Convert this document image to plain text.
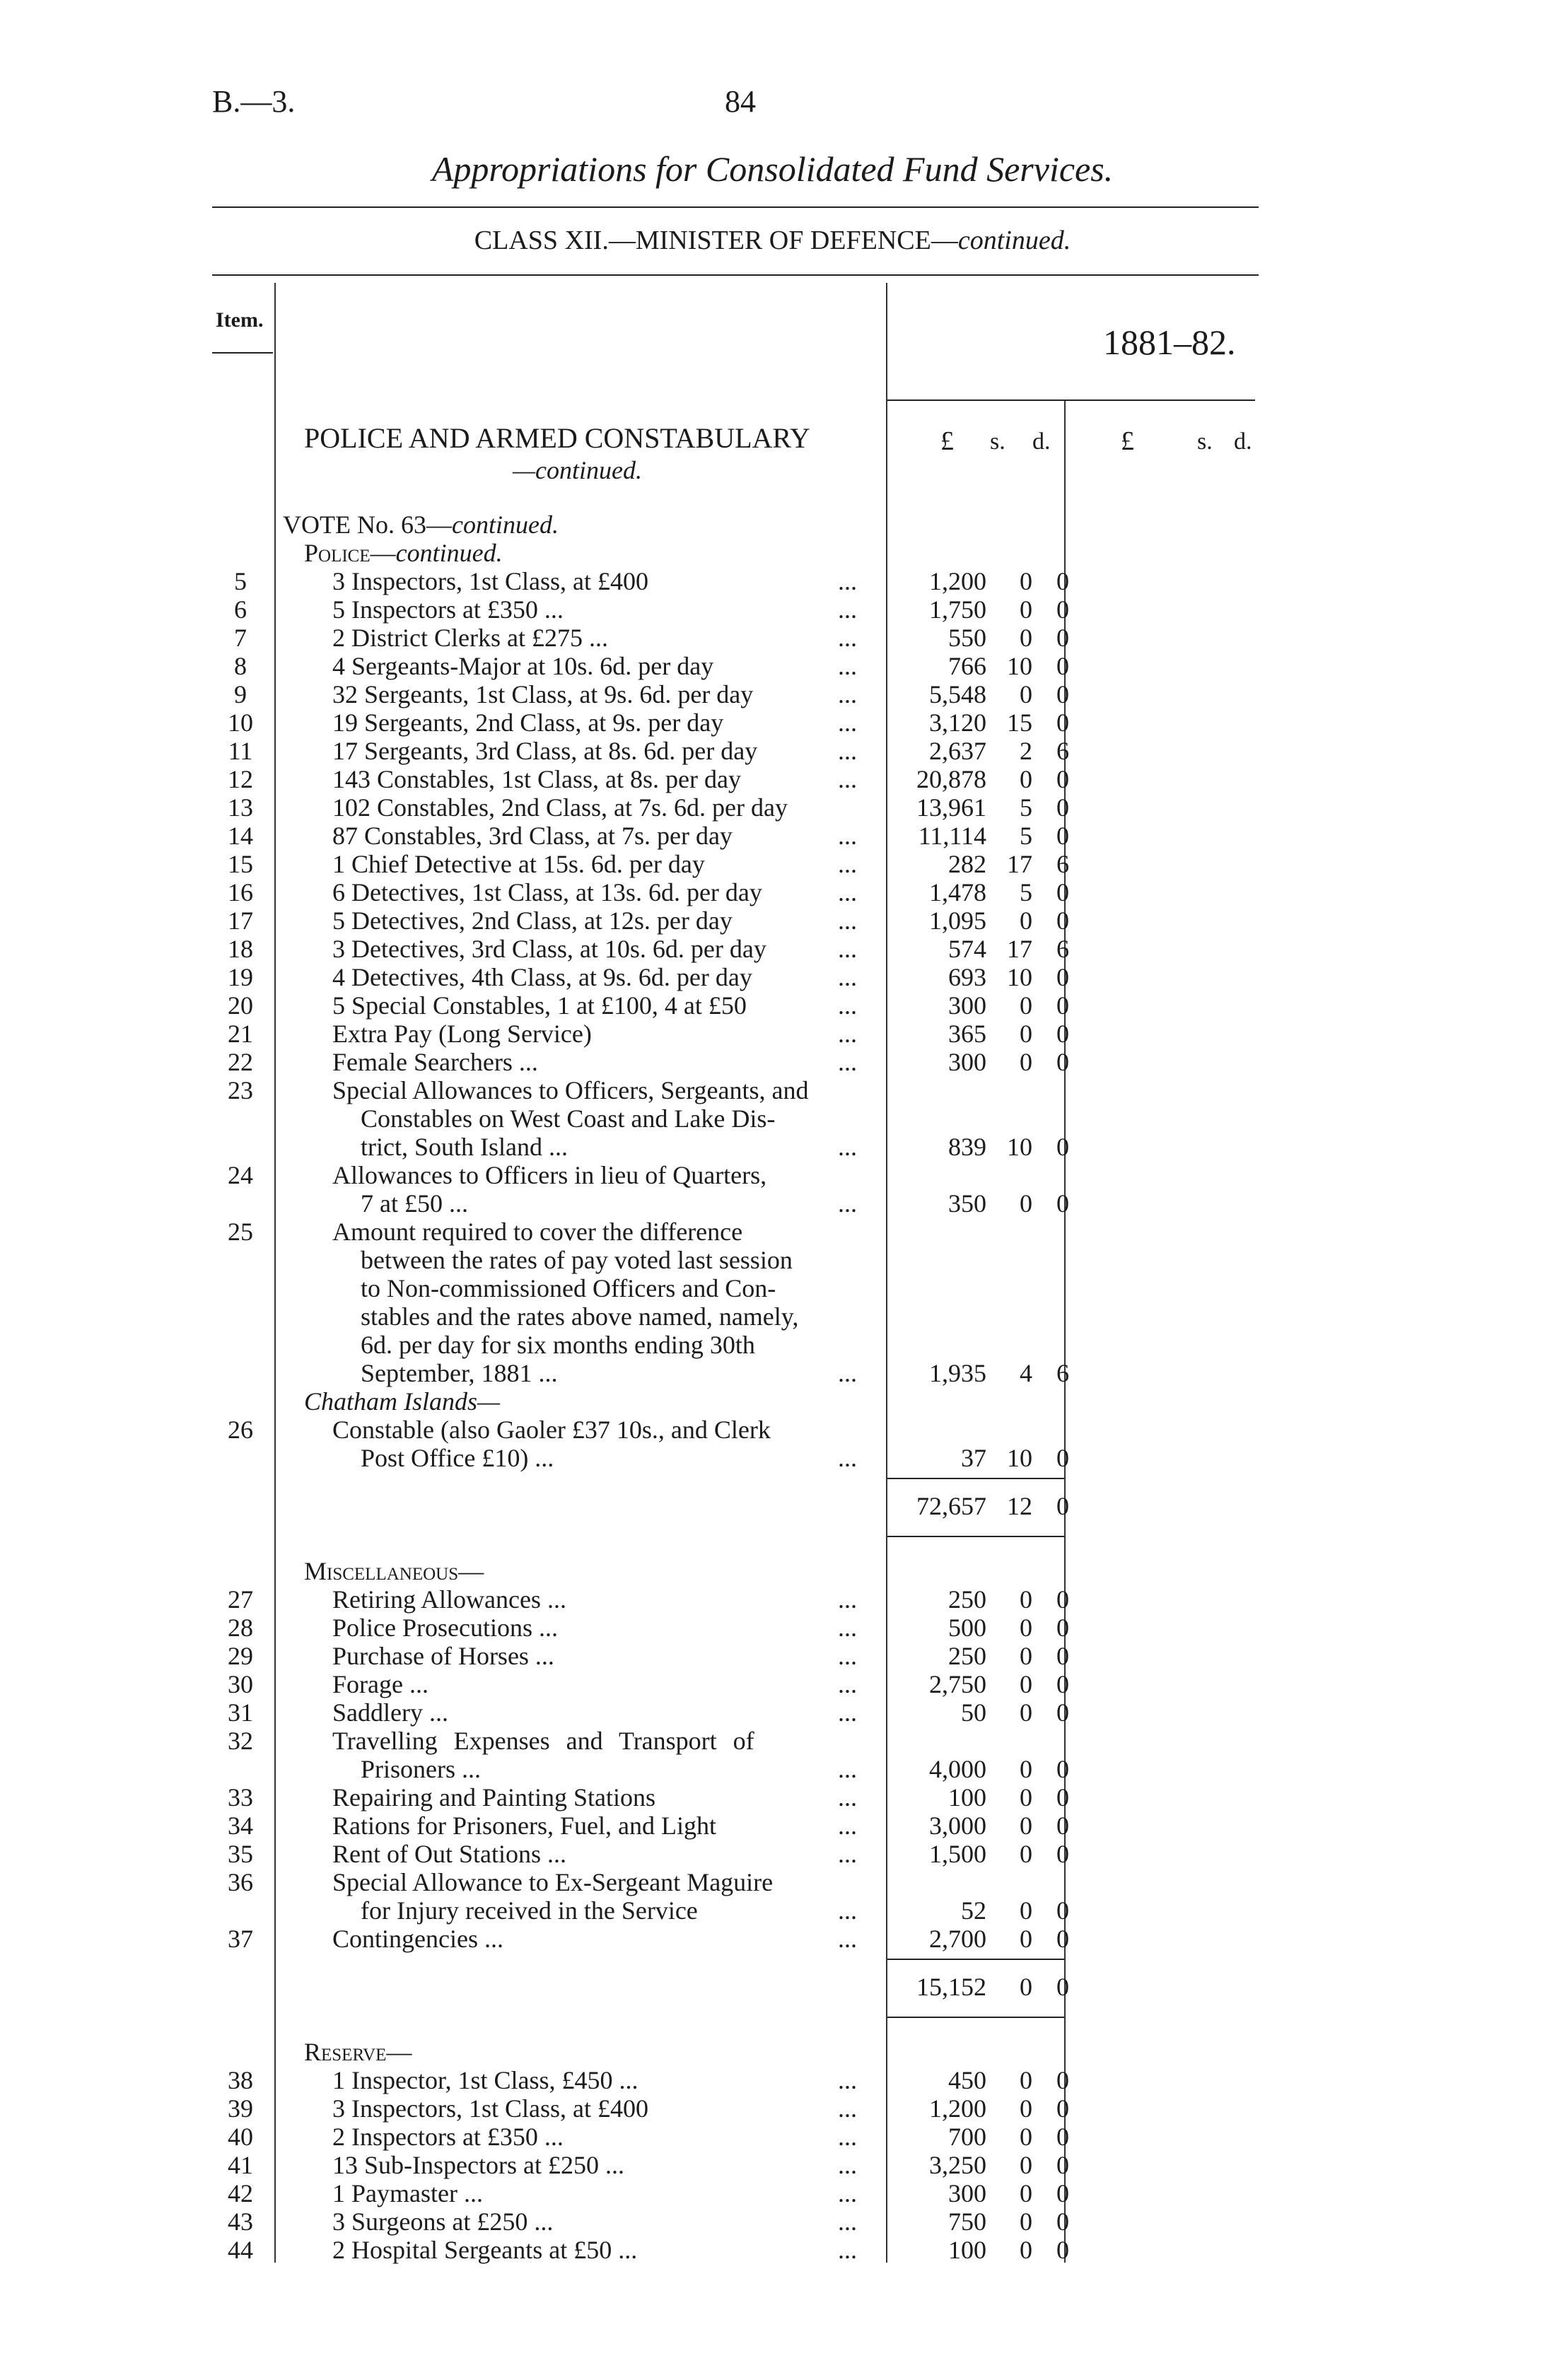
B.—3.	84
Appropriations for Consolidated Fund Services.
CLASS XII.—MINISTER OF DEFENCE—continued.
Item.
1881–82.
£ s. d.	£	s. d.
POLICE AND ARMED CONSTABULARY
—continued.
VOTE No. 63—continued.
Police—continued.
5	3 Inspectors, 1st Class, at £400	...	1,200	0 0
6	5 Inspectors at £350 ...	...	1,750	0 0
7	2 District Clerks at £275 ...	...	550	0 0
8	4 Sergeants-Major at 10s. 6d. per day	...	766 10 0
9	32 Sergeants, 1st Class, at 9s. 6d. per day	...	5,548	0 0
10	19 Sergeants, 2nd Class, at 9s. per day	...	3,120 15 0
11	17 Sergeants, 3rd Class, at 8s. 6d. per day	...	2,637	2 6
12	143 Constables, 1st Class, at 8s. per day	...	20,878	0 0
13	102 Constables, 2nd Class, at 7s. 6d. per day	13,961	5 0
14	87 Constables, 3rd Class, at 7s. per day	...	11,114	5 0
15	1 Chief Detective at 15s. 6d. per day	...	282 17 6
16	6 Detectives, 1st Class, at 13s. 6d. per day	...	1,478	5 0
17	5 Detectives, 2nd Class, at 12s. per day	...	1,095	0 0
18	3 Detectives, 3rd Class, at 10s. 6d. per day	...	574 17 6
19	4 Detectives, 4th Class, at 9s. 6d. per day	...	693 10 0
20	5 Special Constables, 1 at £100, 4 at £50	...	300	0 0
21	Extra Pay (Long Service)	...	365	0 0
22	Female Searchers ...	...	300	0 0
23	Special Allowances to Officers, Sergeants, and
Constables on West Coast and Lake Dis-
trict, South Island ...	...	839 10 0
24	Allowances to Officers in lieu of Quarters,
7 at £50 ...	...	350	0 0
25	Amount required to cover the difference
between the rates of pay voted last session
to Non-commissioned Officers and Con-
stables and the rates above named, namely,
6d. per day for six months ending 30th
September, 1881 ...	...	1,935	4 6
Chatham Islands—
26	Constable (also Gaoler £37 10s., and Clerk
Post Office £10) ...	...	37 10 0
72,657 12 0
Miscellaneous—
27	Retiring Allowances ...	...	250	0 0
28	Police Prosecutions ...	...	500	0 0
29	Purchase of Horses ...	...	250	0 0
30	Forage ...	...	2,750	0 0
31	Saddlery ...	...	50	0 0
32	Travelling Expenses and Transport of
Prisoners ...	...	4,000	0 0
33	Repairing and Painting Stations	...	100	0 0
34	Rations for Prisoners, Fuel, and Light	...	3,000	0 0
35	Rent of Out Stations ...	...	1,500	0 0
36	Special Allowance to Ex-Sergeant Maguire
for Injury received in the Service	...	52	0 0
37	Contingencies ...	...	2,700	0 0
15,152	0 0
Reserve—
38	1 Inspector, 1st Class, £450 ...	...	450	0 0
39	3 Inspectors, 1st Class, at £400	...	1,200	0 0
40	2 Inspectors at £350 ...	...	700	0 0
41	13 Sub-Inspectors at £250 ...	...	3,250	0 0
42	1 Paymaster ...	...	300	0 0
43	3 Surgeons at £250 ...	...	750	0 0
44	2 Hospital Sergeants at £50 ...	...	100	0 0
